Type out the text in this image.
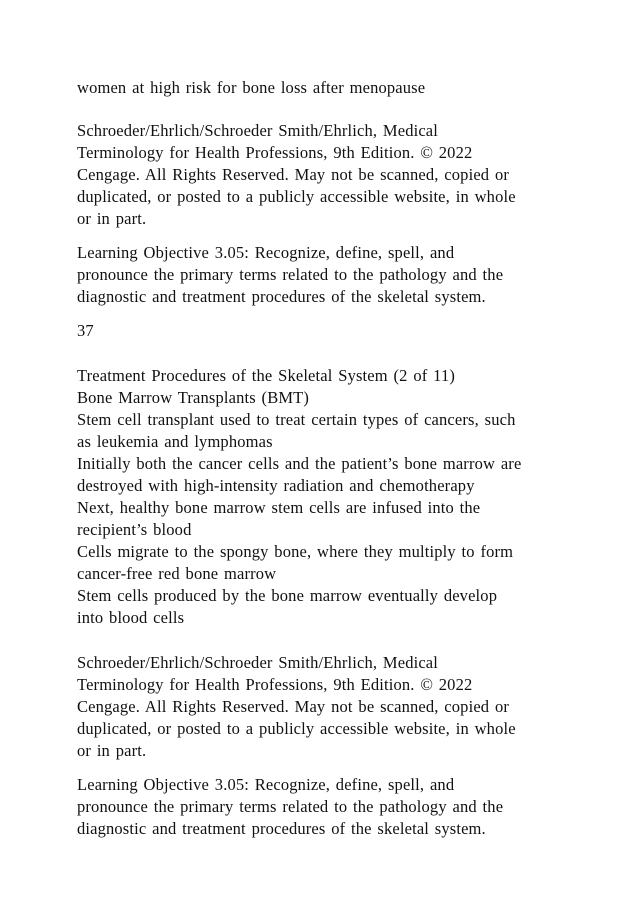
women at high risk for bone loss after menopause

Schroeder/Ehrlich/Schroeder Smith/Ehrlich, Medical

Terminology for Health Professions, 9th Edition. © 2022

Cengage. All Rights Reserved. May not be scanned, copied or

duplicated, or posted to a publicly accessible website, in whole

or in part.

Learning Objective 3.05: Recognize, define, spell, and

pronounce the primary terms related to the pathology and the

diagnostic and treatment procedures of the skeletal system.

37

Treatment Procedures of the Skeletal System (2 of 11)

Bone Marrow Transplants (BMT)

Stem cell transplant used to treat certain types of cancers, such

as leukemia and lymphomas

Initially both the cancer cells and the patient’s bone marrow are

destroyed with high-intensity radiation and chemotherapy

Next, healthy bone marrow stem cells are infused into the

recipient’s blood

Cells migrate to the spongy bone, where they multiply to form

cancer-free red bone marrow

Stem cells produced by the bone marrow eventually develop

into blood cells

Schroeder/Ehrlich/Schroeder Smith/Ehrlich, Medical

Terminology for Health Professions, 9th Edition. © 2022

Cengage. All Rights Reserved. May not be scanned, copied or

duplicated, or posted to a publicly accessible website, in whole

or in part.

Learning Objective 3.05: Recognize, define, spell, and

pronounce the primary terms related to the pathology and the

diagnostic and treatment procedures of the skeletal system.
